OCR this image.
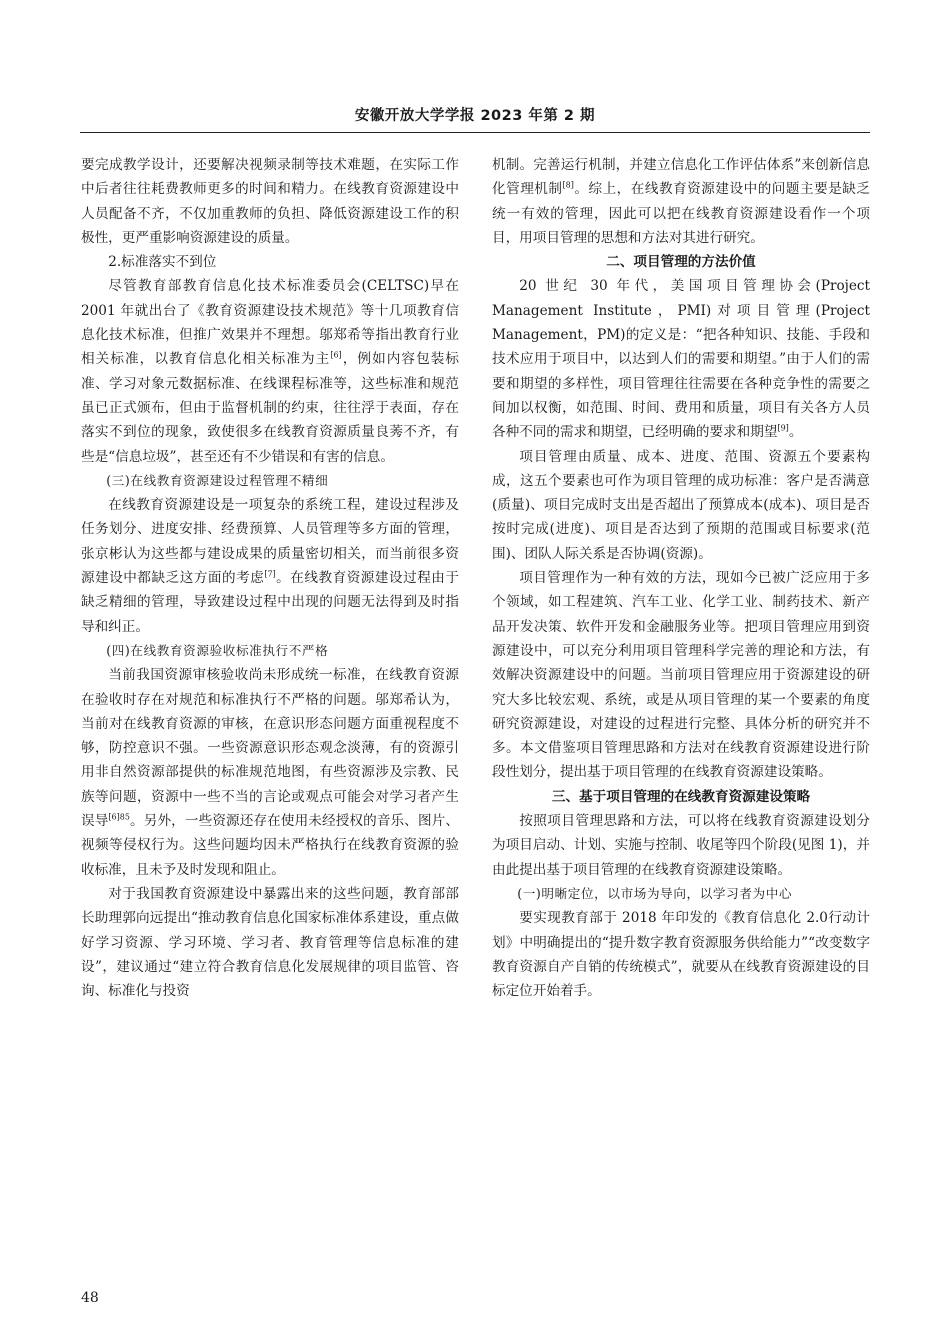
安徽开放大学学报 2023 年第 2 期

要完成教学设计，还要解决视频录制等技术难题，在实际工作中后者往往耗费教师更多的时间和精力。在线教育资源建设中人员配备不齐，不仅加重教师的负担、降低资源建设工作的积极性，更严重影响资源建设的质量。

2.标准落实不到位

尽管教育部教育信息化技术标准委员会(CELTSC)早在 2001 年就出台了《教育资源建设技术规范》等十几项教育信息化技术标准，但推广效果并不理想。邬郑希等指出教育行业相关标准，以教育信息化相关标准为主[6]，例如内容包装标准、学习对象元数据标准、在线课程标准等，这些标准和规范虽已正式颁布，但由于监督机制的约束，往往浮于表面，存在落实不到位的现象，致使很多在线教育资源质量良莠不齐，有些是“信息垃圾”，甚至还有不少错误和有害的信息。

(三)在线教育资源建设过程管理不精细

在线教育资源建设是一项复杂的系统工程，建设过程涉及任务划分、进度安排、经费预算、人员管理等多方面的管理，张京彬认为这些都与建设成果的质量密切相关，而当前很多资源建设中都缺乏这方面的考虑[7]。在线教育资源建设过程由于缺乏精细的管理，导致建设过程中出现的问题无法得到及时指导和纠正。

(四)在线教育资源验收标准执行不严格

当前我国资源审核验收尚未形成统一标准，在线教育资源在验收时存在对规范和标准执行不严格的问题。邬郑希认为，当前对在线教育资源的审核，在意识形态问题方面重视程度不够，防控意识不强。一些资源意识形态观念淡薄，有的资源引用非自然资源部提供的标准规范地图，有些资源涉及宗教、民族等问题，资源中一些不当的言论或观点可能会对学习者产生误导$^{[6]85}$。另外，一些资源还存在使用未经授权的音乐、图片、视频等侵权行为。这些问题均因未严格执行在线教育资源的验收标准，且未予及时发现和阻止。

对于我国教育资源建设中暴露出来的这些问题，教育部部长助理郭向远提出“推动教育信息化国家标准体系建设，重点做好学习资源、学习环境、学习者、教育管理等信息标准的建设”，建议通过“建立符合教育信息化发展规律的项目监管、咨询、标准化与投资

机制。完善运行机制，并建立信息化工作评估体系”来创新信息化管理机制[8]。综上，在线教育资源建设中的问题主要是缺乏统一有效的管理，因此可以把在线教育资源建设看作一个项目，用项目管理的思想和方法对其进行研究。

二、项目管理的方法价值

20 世纪 30 年代，美国项目管理协会(Project Management Institute，PMI)对项目管理(Project Management，PM)的定义是：“把各种知识、技能、手段和技术应用于项目中，以达到人们的需要和期望。”由于人们的需要和期望的多样性，项目管理往往需要在各种竞争性的需要之间加以权衡，如范围、时间、费用和质量，项目有关各方人员各种不同的需求和期望，已经明确的要求和期望[9]。

项目管理由质量、成本、进度、范围、资源五个要素构成，这五个要素也可作为项目管理的成功标准：客户是否满意(质量)、项目完成时支出是否超出了预算成本(成本)、项目是否按时完成(进度)、项目是否达到了预期的范围或目标要求(范围)、团队人际关系是否协调(资源)。

项目管理作为一种有效的方法，现如今已被广泛应用于多个领域，如工程建筑、汽车工业、化学工业、制药技术、新产品开发决策、软件开发和金融服务业等。把项目管理应用到资源建设中，可以充分利用项目管理科学完善的理论和方法，有效解决资源建设中的问题。当前项目管理应用于资源建设的研究大多比较宏观、系统，或是从项目管理的某一个要素的角度研究资源建设，对建设的过程进行完整、具体分析的研究并不多。本文借鉴项目管理思路和方法对在线教育资源建设进行阶段性划分，提出基于项目管理的在线教育资源建设策略。

三、基于项目管理的在线教育资源建设策略

按照项目管理思路和方法，可以将在线教育资源建设划分为项目启动、计划、实施与控制、收尾等四个阶段(见图 1)，并由此提出基于项目管理的在线教育资源建设策略。

(一)明晰定位，以市场为导向，以学习者为中心

要实现教育部于 2018 年印发的《教育信息化 2.0行动计划》中明确提出的“提升数字教育资源服务供给能力”“改变数字教育资源自产自销的传统模式”，就要从在线教育资源建设的目标定位开始着手。

48
